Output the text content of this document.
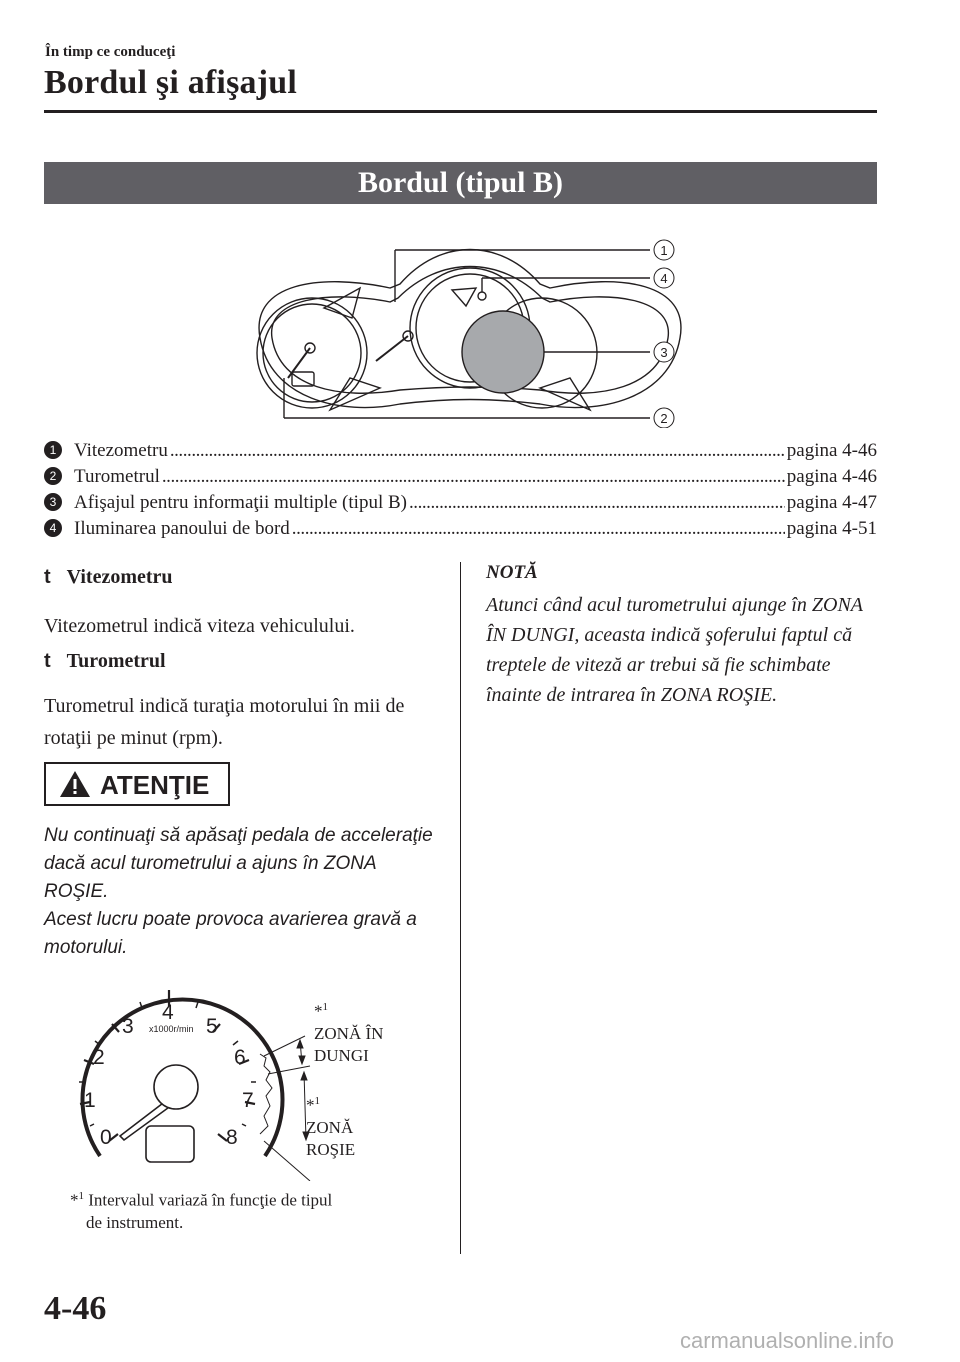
În timp ce conduceţi
Bordul şi afişajul
Bordul (tipul B)
1
4
3
2
1 Vitezometru . . .	pagina 4-46
2 Turometrul . . .	pagina 4-46
3 Afişajul pentru informaţii multiple (tipul B) . . .	pagina 4-47
4 Iluminarea panoului de bord . . .	pagina 4-51
t Vitezometru
Vitezometrul indică viteza vehiculului.
t Turometrul
Turometrul indică turaţia motorului în mii de rotaţii pe minut (rpm).
ATENŢIE
Nu continuaţi să apăsaţi pedala de acceleraţie dacă acul turometrului a ajuns în ZONA ROŞIE.
Acest lucru poate provoca avarierea gravă a motorului.
0
1
2
3
4
5
6
7
8
x1000r/min
*$^1$
ZONĂ ÎN
DUNGI
*$^1$
ZONĂ
ROŞIE
*$^1$ Intervalul variază în funcţie de tipul
de instrument.
NOTĂ
Atunci când acul turometrului ajunge în ZONA ÎN DUNGI, aceasta indică şoferului faptul că treptele de viteză ar trebui să fie schimbate înainte de intrarea în ZONA ROŞIE.
4-46
carmanualsonline.info
